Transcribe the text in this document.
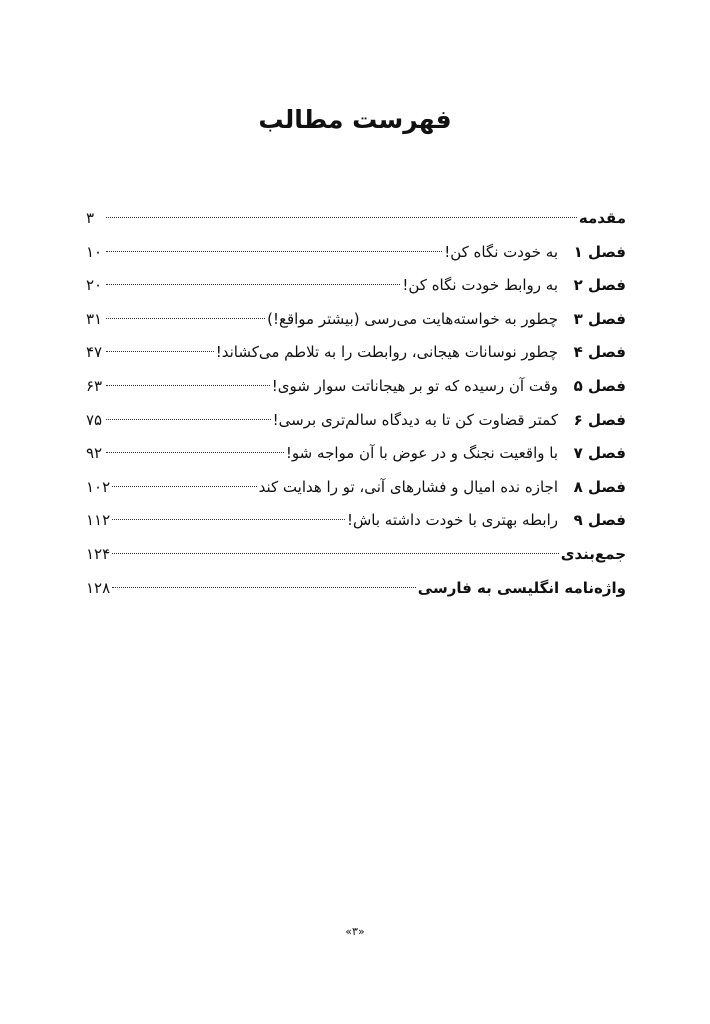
فهرست مطالب
مقدمه
۳
فصل ۱
به خودت نگاه کن!
۱۰
فصل ۲
به روابط خودت نگاه کن!
۲۰
فصل ۳
چطور به خواسته‌هایت می‌رسی (بیشتر مواقع!)
۳۱
فصل ۴
چطور نوسانات هیجانی، روابطت را به تلاطم می‌کشاند!
۴۷
فصل ۵
وقت آن رسیده که تو بر هیجاناتت سوار شوی!
۶۳
فصل ۶
کمتر قضاوت کن تا به دیدگاه سالم‌تری برسی!
۷۵
فصل ۷
با واقعیت نجنگ و در عوض با آن مواجه شو!
۹۲
فصل ۸
اجازه نده امیال و فشارهای آنی، تو را هدایت کند
۱۰۲
فصل ۹
رابطه بهتری با خودت داشته باش!
۱۱۲
جمع‌بندی
۱۲۴
واژه‌نامه انگلیسی به فارسی
۱۲۸
«۳»
